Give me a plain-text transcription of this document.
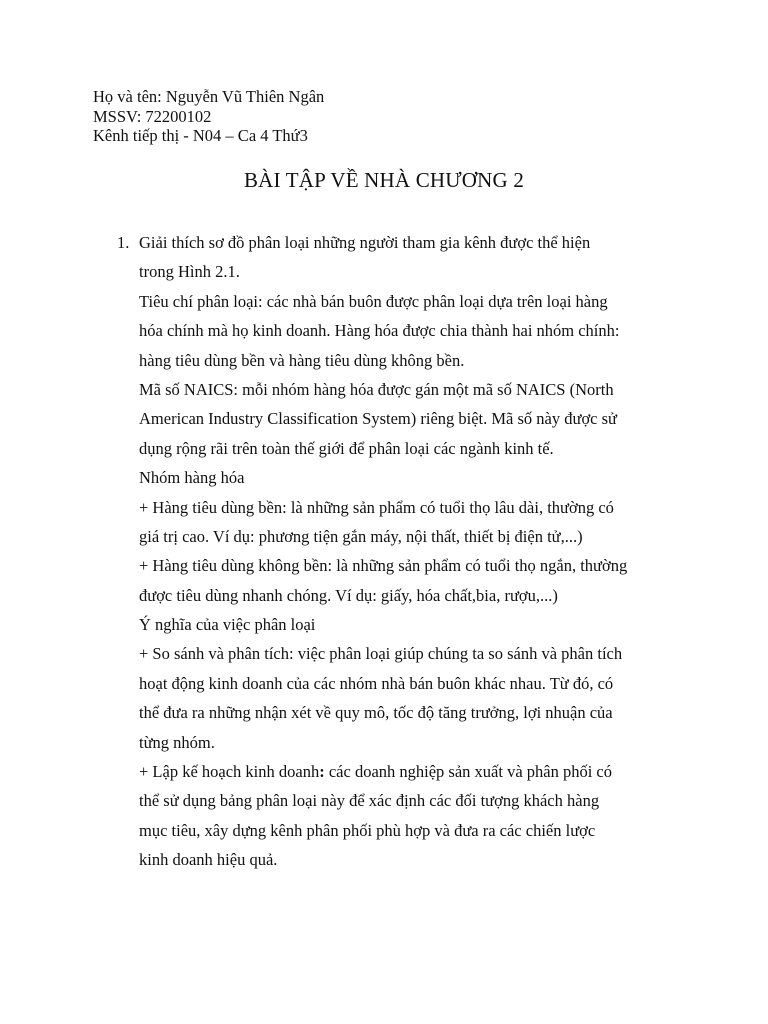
Họ và tên: Nguyễn Vũ Thiên Ngân
MSSV: 72200102
Kênh tiếp thị - N04 – Ca 4 Thứ3
BÀI TẬP VỀ NHÀ CHƯƠNG 2
1. Giải thích sơ đồ phân loại những người tham gia kênh được thể hiện
trong Hình 2.1.
Tiêu chí phân loại: các nhà bán buôn được phân loại dựa trên loại hàng
hóa chính mà họ kinh doanh. Hàng hóa được chia thành hai nhóm chính:
hàng tiêu dùng bền và hàng tiêu dùng không bền.
Mã số NAICS: mỗi nhóm hàng hóa được gán một mã số NAICS (North
American Industry Classification System) riêng biệt. Mã số này được sử
dụng rộng rãi trên toàn thế giới để phân loại các ngành kinh tế.
Nhóm hàng hóa
+ Hàng tiêu dùng bền: là những sản phẩm có tuổi thọ lâu dài, thường có
giá trị cao. Ví dụ: phương tiện gắn máy, nội thất, thiết bị điện tử,...)
+ Hàng tiêu dùng không bền: là những sản phẩm có tuổi thọ ngắn, thường
được tiêu dùng nhanh chóng. Ví dụ: giấy, hóa chất,bia, rượu,...)
Ý nghĩa của việc phân loại
+ So sánh và phân tích: việc phân loại giúp chúng ta so sánh và phân tích
hoạt động kinh doanh của các nhóm nhà bán buôn khác nhau. Từ đó, có
thể đưa ra những nhận xét về quy mô, tốc độ tăng trưởng, lợi nhuận của
từng nhóm.
+ Lập kế hoạch kinh doanh: các doanh nghiệp sản xuất và phân phối có
thể sử dụng bảng phân loại này để xác định các đối tượng khách hàng
mục tiêu, xây dựng kênh phân phối phù hợp và đưa ra các chiến lược
kinh doanh hiệu quả.
